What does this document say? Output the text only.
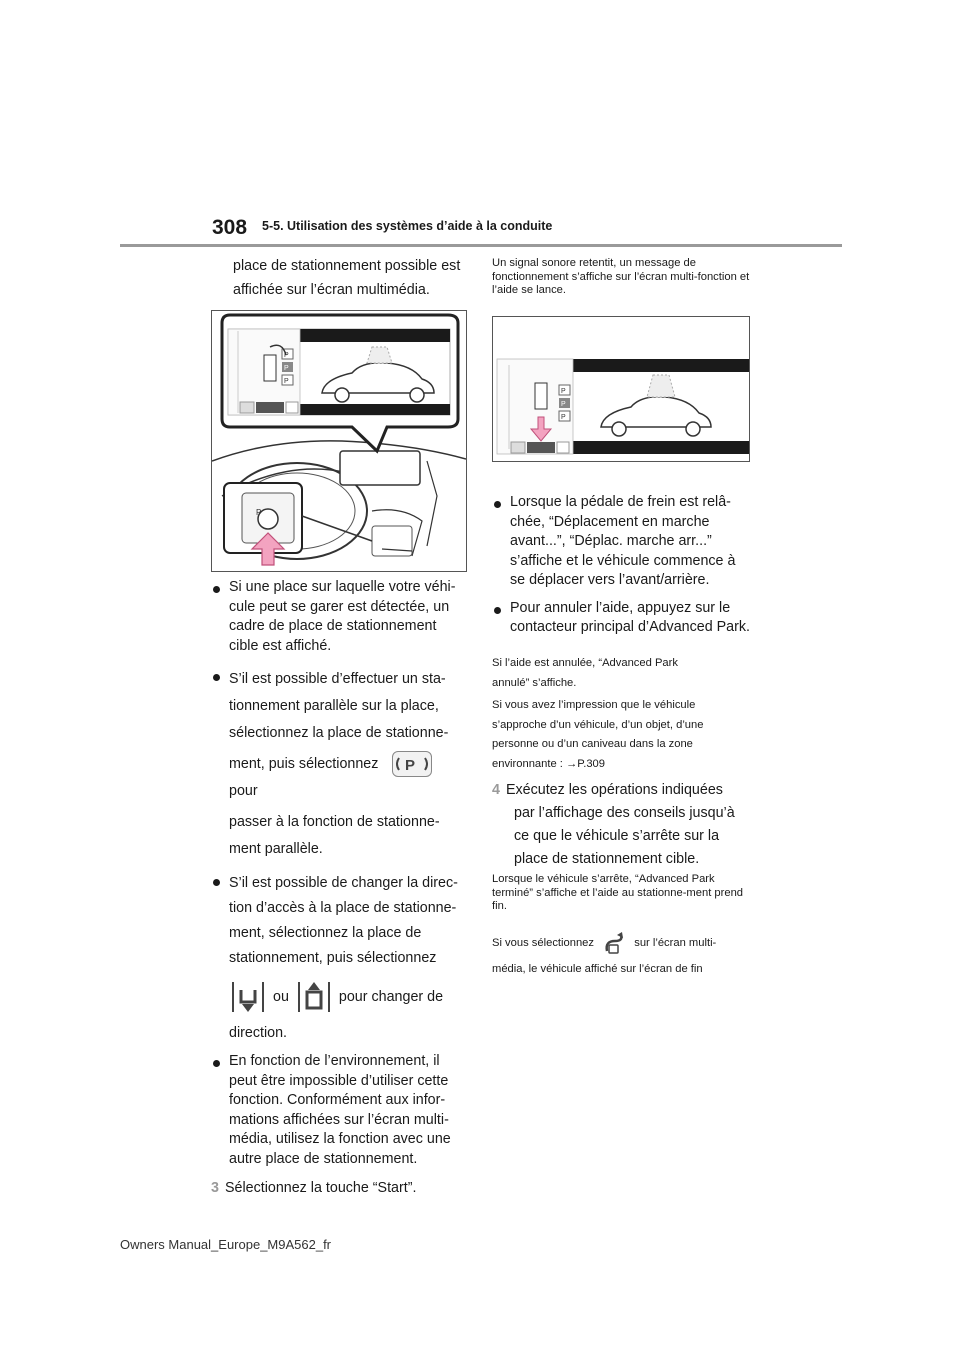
308 5-5. Utilisation des systèmes d’aide à la conduite
place de stationnement possible est
affichée sur l’écran multimédia.
P
P
P
P
Si une place sur laquelle votre véhi-cule peut se garer est détectée, un cadre de place de stationnement cible est affiché.
S’il est possible d’effectuer un sta-
tionnement parallèle sur la place,
sélectionnez la place de stationne-
ment, puis sélectionnez P
pour
passer à la fonction de stationne-
ment parallèle.
S’il est possible de changer la direc-
tion d’accès à la place de stationne-
ment, sélectionnez la place de
stationnement, puis sélectionnez
ou	pour changer de
direction.
En fonction de l’environnement, il peut être impossible d’utiliser cette fonction. Conformément aux infor-mations affichées sur l’écran multi-média, utilisez la fonction avec une autre place de stationnement.
3 Sélectionnez la touche “Start”.
Un signal sonore retentit, un message de fonctionnement s’affiche sur l’écran multi-fonction et l’aide se lance.
P
P
P
Lorsque la pédale de frein est relâ-chée, “Déplacement en marche avant...”, “Déplac. marche arr...” s’affiche et le véhicule commence à se déplacer vers l’avant/arrière.
Pour annuler l’aide, appuyez sur le contacteur principal d’Advanced Park.
Si l’aide est annulée, “Advanced Park
annulé” s’affiche.
Si vous avez l’impression que le véhicule
s’approche d’un véhicule, d’un objet, d’une
personne ou d’un caniveau dans la zone
environnante : →P.309
4 Exécutez les opérations indiquées
par l’affichage des conseils jusqu’à
ce que le véhicule s’arrête sur la
place de stationnement cible.
Lorsque le véhicule s’arrête, “Advanced Park terminé” s’affiche et l’aide au stationne-ment prend fin.
Si vous sélectionnez	sur l’écran multi-
média, le véhicule affiché sur l’écran de fin
Owners Manual_Europe_M9A562_fr
